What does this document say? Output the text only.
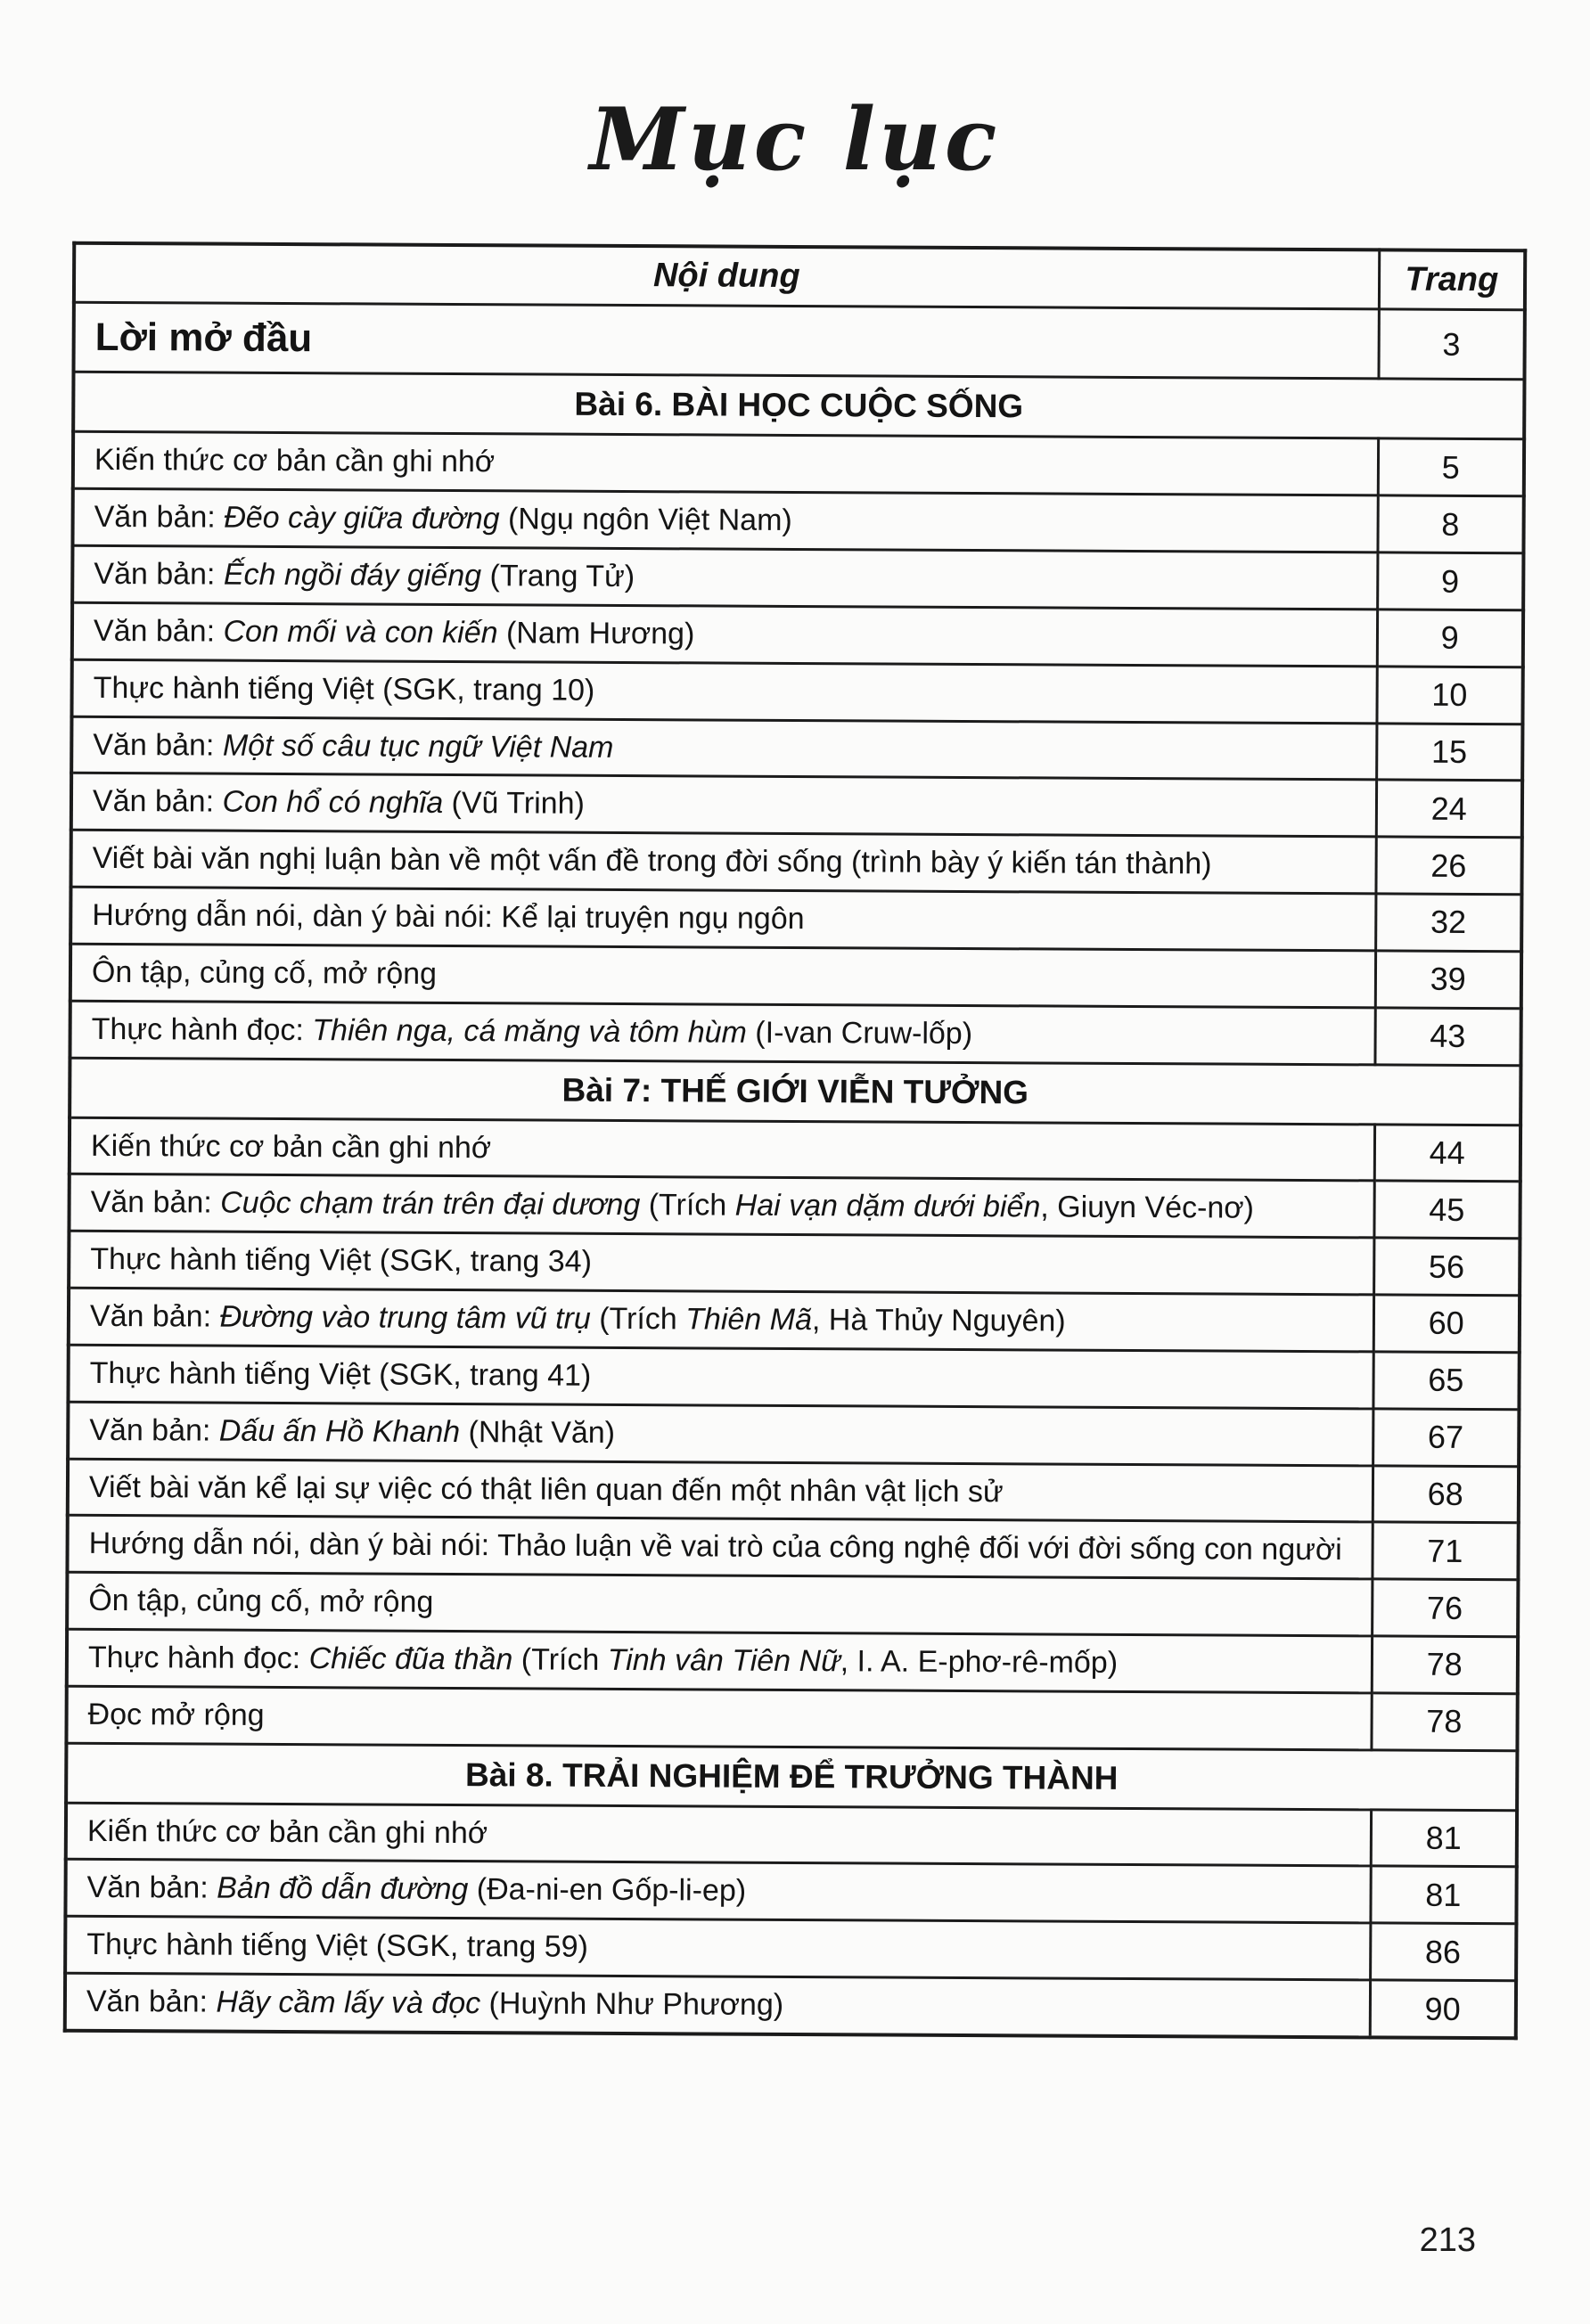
Mục lục
Nội dung	Trang
Lời mở đầu	3
Bài 6. BÀI HỌC CUỘC SỐNG	
Kiến thức cơ bản cần ghi nhớ	5
Văn bản: Đẽo cày giữa đường (Ngụ ngôn Việt Nam)	8
Văn bản: Ếch ngồi đáy giếng (Trang Tử)	9
Văn bản: Con mối và con kiến (Nam Hương)	9
Thực hành tiếng Việt (SGK, trang 10)	10
Văn bản: Một số câu tục ngữ Việt Nam	15
Văn bản: Con hổ có nghĩa (Vũ Trinh)	24
Viết bài văn nghị luận bàn về một vấn đề trong đời sống (trình bày ý kiến tán thành)	26
Hướng dẫn nói, dàn ý bài nói: Kể lại truyện ngụ ngôn	32
Ôn tập, củng cố, mở rộng	39
Thực hành đọc: Thiên nga, cá măng và tôm hùm (I-van Cruw-lốp)	43
Bài 7: THẾ GIỚI VIỄN TƯỞNG	
Kiến thức cơ bản cần ghi nhớ	44
Văn bản: Cuộc chạm trán trên đại dương (Trích Hai vạn dặm dưới biển, Giuyn Véc-nơ)	45
Thực hành tiếng Việt (SGK, trang 34)	56
Văn bản: Đường vào trung tâm vũ trụ (Trích Thiên Mã, Hà Thủy Nguyên)	60
Thực hành tiếng Việt (SGK, trang 41)	65
Văn bản: Dấu ấn Hồ Khanh (Nhật Văn)	67
Viết bài văn kể lại sự việc có thật liên quan đến một nhân vật lịch sử	68
Hướng dẫn nói, dàn ý bài nói: Thảo luận về vai trò của công nghệ đối với đời sống con người	71
Ôn tập, củng cố, mở rộng	76
Thực hành đọc: Chiếc đũa thần (Trích Tinh vân Tiên Nữ, I. A. E-phơ-rê-mốp)	78
Đọc mở rộng	78
Bài 8. TRẢI NGHIỆM ĐỂ TRƯỞNG THÀNH	
Kiến thức cơ bản cần ghi nhớ	81
Văn bản: Bản đồ dẫn đường (Đa-ni-en Gốp-li-ep)	81
Thực hành tiếng Việt (SGK, trang 59)	86
Văn bản: Hãy cầm lấy và đọc (Huỳnh Như Phương)	90
213
